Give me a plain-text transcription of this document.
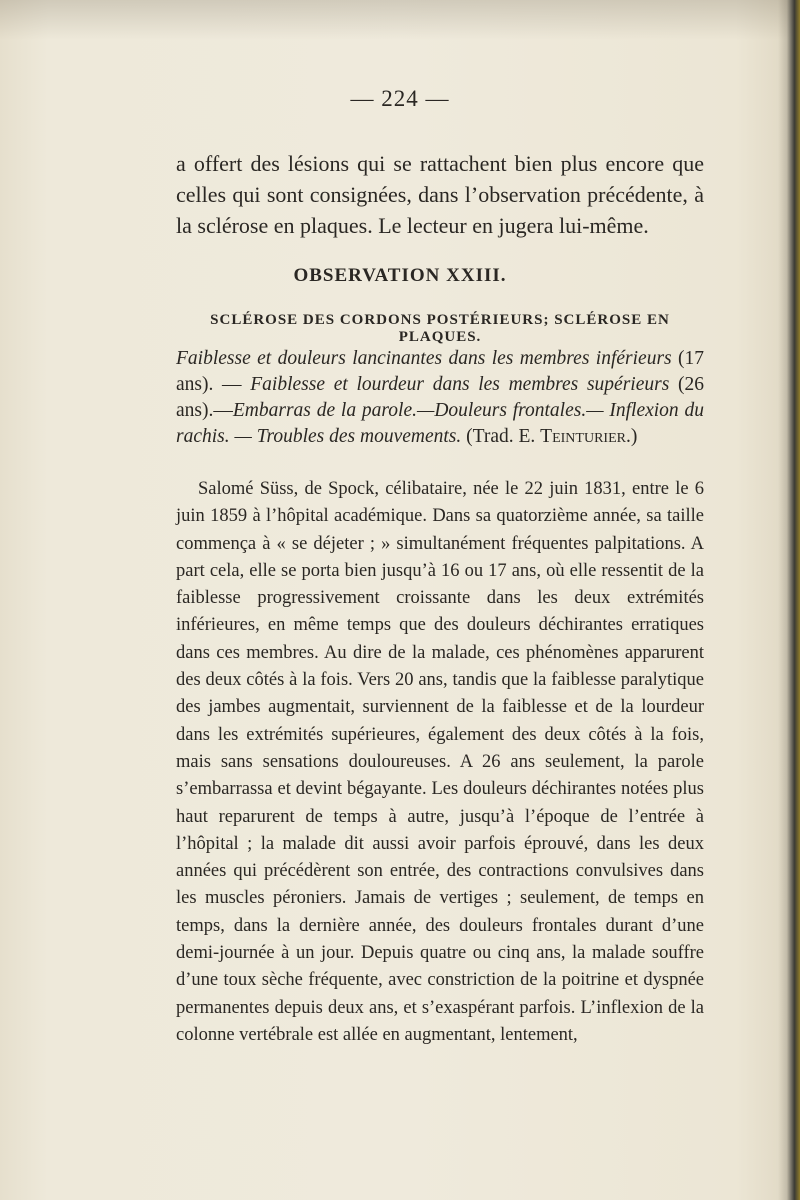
— 224 —

a offert des lésions qui se rattachent bien plus encore que celles qui sont consignées, dans l’observation précédente, à la sclérose en plaques. Le lecteur en jugera lui-même.

OBSERVATION XXIII.
SCLÉROSE DES CORDONS POSTÉRIEURS; SCLÉROSE EN PLAQUES.

Faiblesse et douleurs lancinantes dans les membres inférieurs (17 ans). — Faiblesse et lourdeur dans les membres supérieurs (26 ans).—Embarras de la parole.—Douleurs frontales.— Inflexion du rachis. — Troubles des mouvements. (Trad. E. Teinturier.)

Salomé Süss, de Spock, célibataire, née le 22 juin 1831, entre le 6 juin 1859 à l’hôpital académique. Dans sa quatorzième année, sa taille commença à « se déjeter ; » simultanément fréquentes palpitations. A part cela, elle se porta bien jusqu’à 16 ou 17 ans, où elle ressentit de la faiblesse progressivement croissante dans les deux extrémités inférieures, en même temps que des douleurs déchirantes erratiques dans ces membres. Au dire de la malade, ces phénomènes apparurent des deux côtés à la fois. Vers 20 ans, tandis que la faiblesse paralytique des jambes augmentait, surviennent de la faiblesse et de la lourdeur dans les extrémités supérieures, également des deux côtés à la fois, mais sans sensations douloureuses. A 26 ans seulement, la parole s’embarrassa et devint bégayante. Les douleurs déchirantes notées plus haut reparurent de temps à autre, jusqu’à l’époque de l’entrée à l’hôpital ; la malade dit aussi avoir parfois éprouvé, dans les deux années qui précédèrent son entrée, des contractions convulsives dans les muscles péroniers. Jamais de vertiges ; seulement, de temps en temps, dans la dernière année, des douleurs frontales durant d’une demi-journée à un jour. Depuis quatre ou cinq ans, la malade souffre d’une toux sèche fréquente, avec constriction de la poitrine et dyspnée permanentes depuis deux ans, et s’exaspérant parfois. L’inflexion de la colonne vertébrale est allée en augmentant, lentement,
